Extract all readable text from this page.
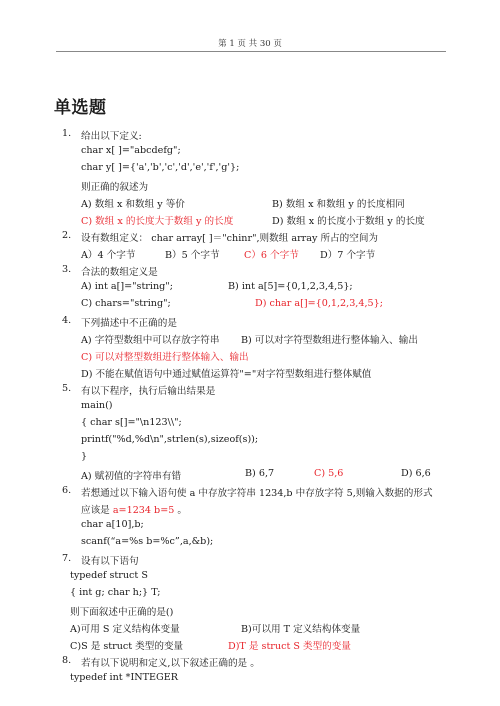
第 1 页 共 30 页
单选题
1. 给出以下定义:
char x[ ]="abcdefg";
char y[ ]={'a','b','c','d','e','f','g'};
则正确的叙述为
A) 数组 x 和数组 y 等价	B) 数组 x 和数组 y 的长度相同
C) 数组 x 的长度大于数组 y 的长度	D) 数组 x 的长度小于数组 y 的长度
2. 设有数组定义： char array[ ]＝"chinr",则数组 array 所占的空间为
A）4 个字节	B）5 个字节	C）6 个字节 D）7 个字节
3. 合法的数组定义是
A) int a[]="string";	B) int a[5]={0,1,2,3,4,5};
C) chars="string";	D) char a[]={0,1,2,3,4,5};
4. 下列描述中不正确的是
A) 字符型数组中可以存放字符串 B) 可以对字符型数组进行整体输入、输出
C) 可以对整型数组进行整体输入、输出
D) 不能在赋值语句中通过赋值运算符"="对字符型数组进行整体赋值
5. 有以下程序，执行后输出结果是
main()
{ char s[]="\n123\\";
printf("%d,%d\n",strlen(s),sizeof(s));
}
A) 赋初值的字符串有错	B) 6,7	C) 5,6	D) 6,6
6. 若想通过以下输入语句使 a 中存放字符串 1234,b 中存放字符 5,则输入数据的形式
应该是 a=1234 b=5 。
char a[10],b;
scanf(“a=%s b=%c”,a,&b);
7. 设有以下语句
typedef struct S
{ int g; char h;} T;
则下面叙述中正确的是()
A)可用 S 定义结构体变量	B)可以用 T 定义结构体变量
C)S 是 struct 类型的变量	D)T 是 struct S 类型的变量
8. 若有以下说明和定义,以下叙述正确的是 。
typedef int *INTEGER
